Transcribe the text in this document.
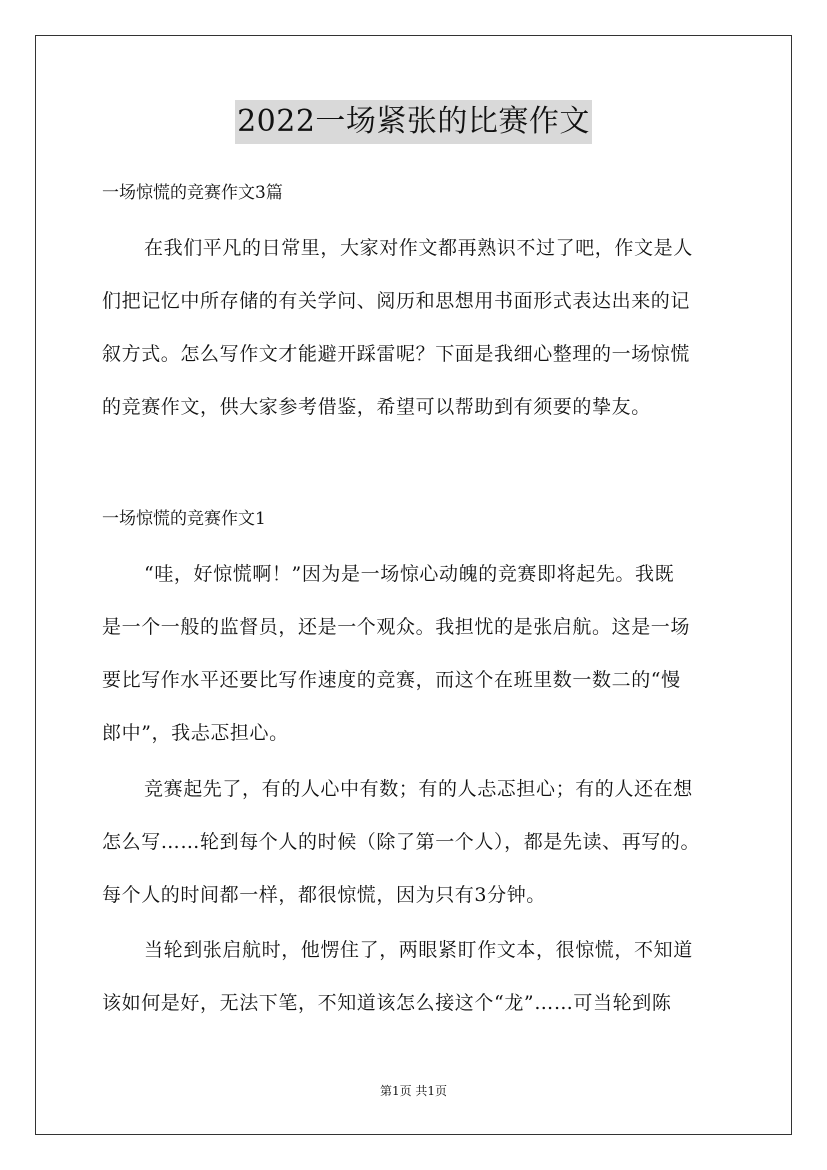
2022一场紧张的比赛作文
一场惊慌的竞赛作文3篇
在我们平凡的日常里，大家对作文都再熟识不过了吧，作文是人
们把记忆中所存储的有关学问、阅历和思想用书面形式表达出来的记
叙方式。怎么写作文才能避开踩雷呢？下面是我细心整理的一场惊慌
的竞赛作文，供大家参考借鉴，希望可以帮助到有须要的挚友。
一场惊慌的竞赛作文1
“哇，好惊慌啊！”因为是一场惊心动魄的竞赛即将起先。我既
是一个一般的监督员，还是一个观众。我担忧的是张启航。这是一场
要比写作水平还要比写作速度的竞赛，而这个在班里数一数二的“慢
郎中”，我忐忑担心。
竞赛起先了，有的人心中有数；有的人忐忑担心；有的人还在想
怎么写……轮到每个人的时候（除了第一个人），都是先读、再写的。
每个人的时间都一样，都很惊慌，因为只有3分钟。
当轮到张启航时，他愣住了，两眼紧盯作文本，很惊慌，不知道
该如何是好，无法下笔，不知道该怎么接这个“龙”……可当轮到陈
第1页 共1页
